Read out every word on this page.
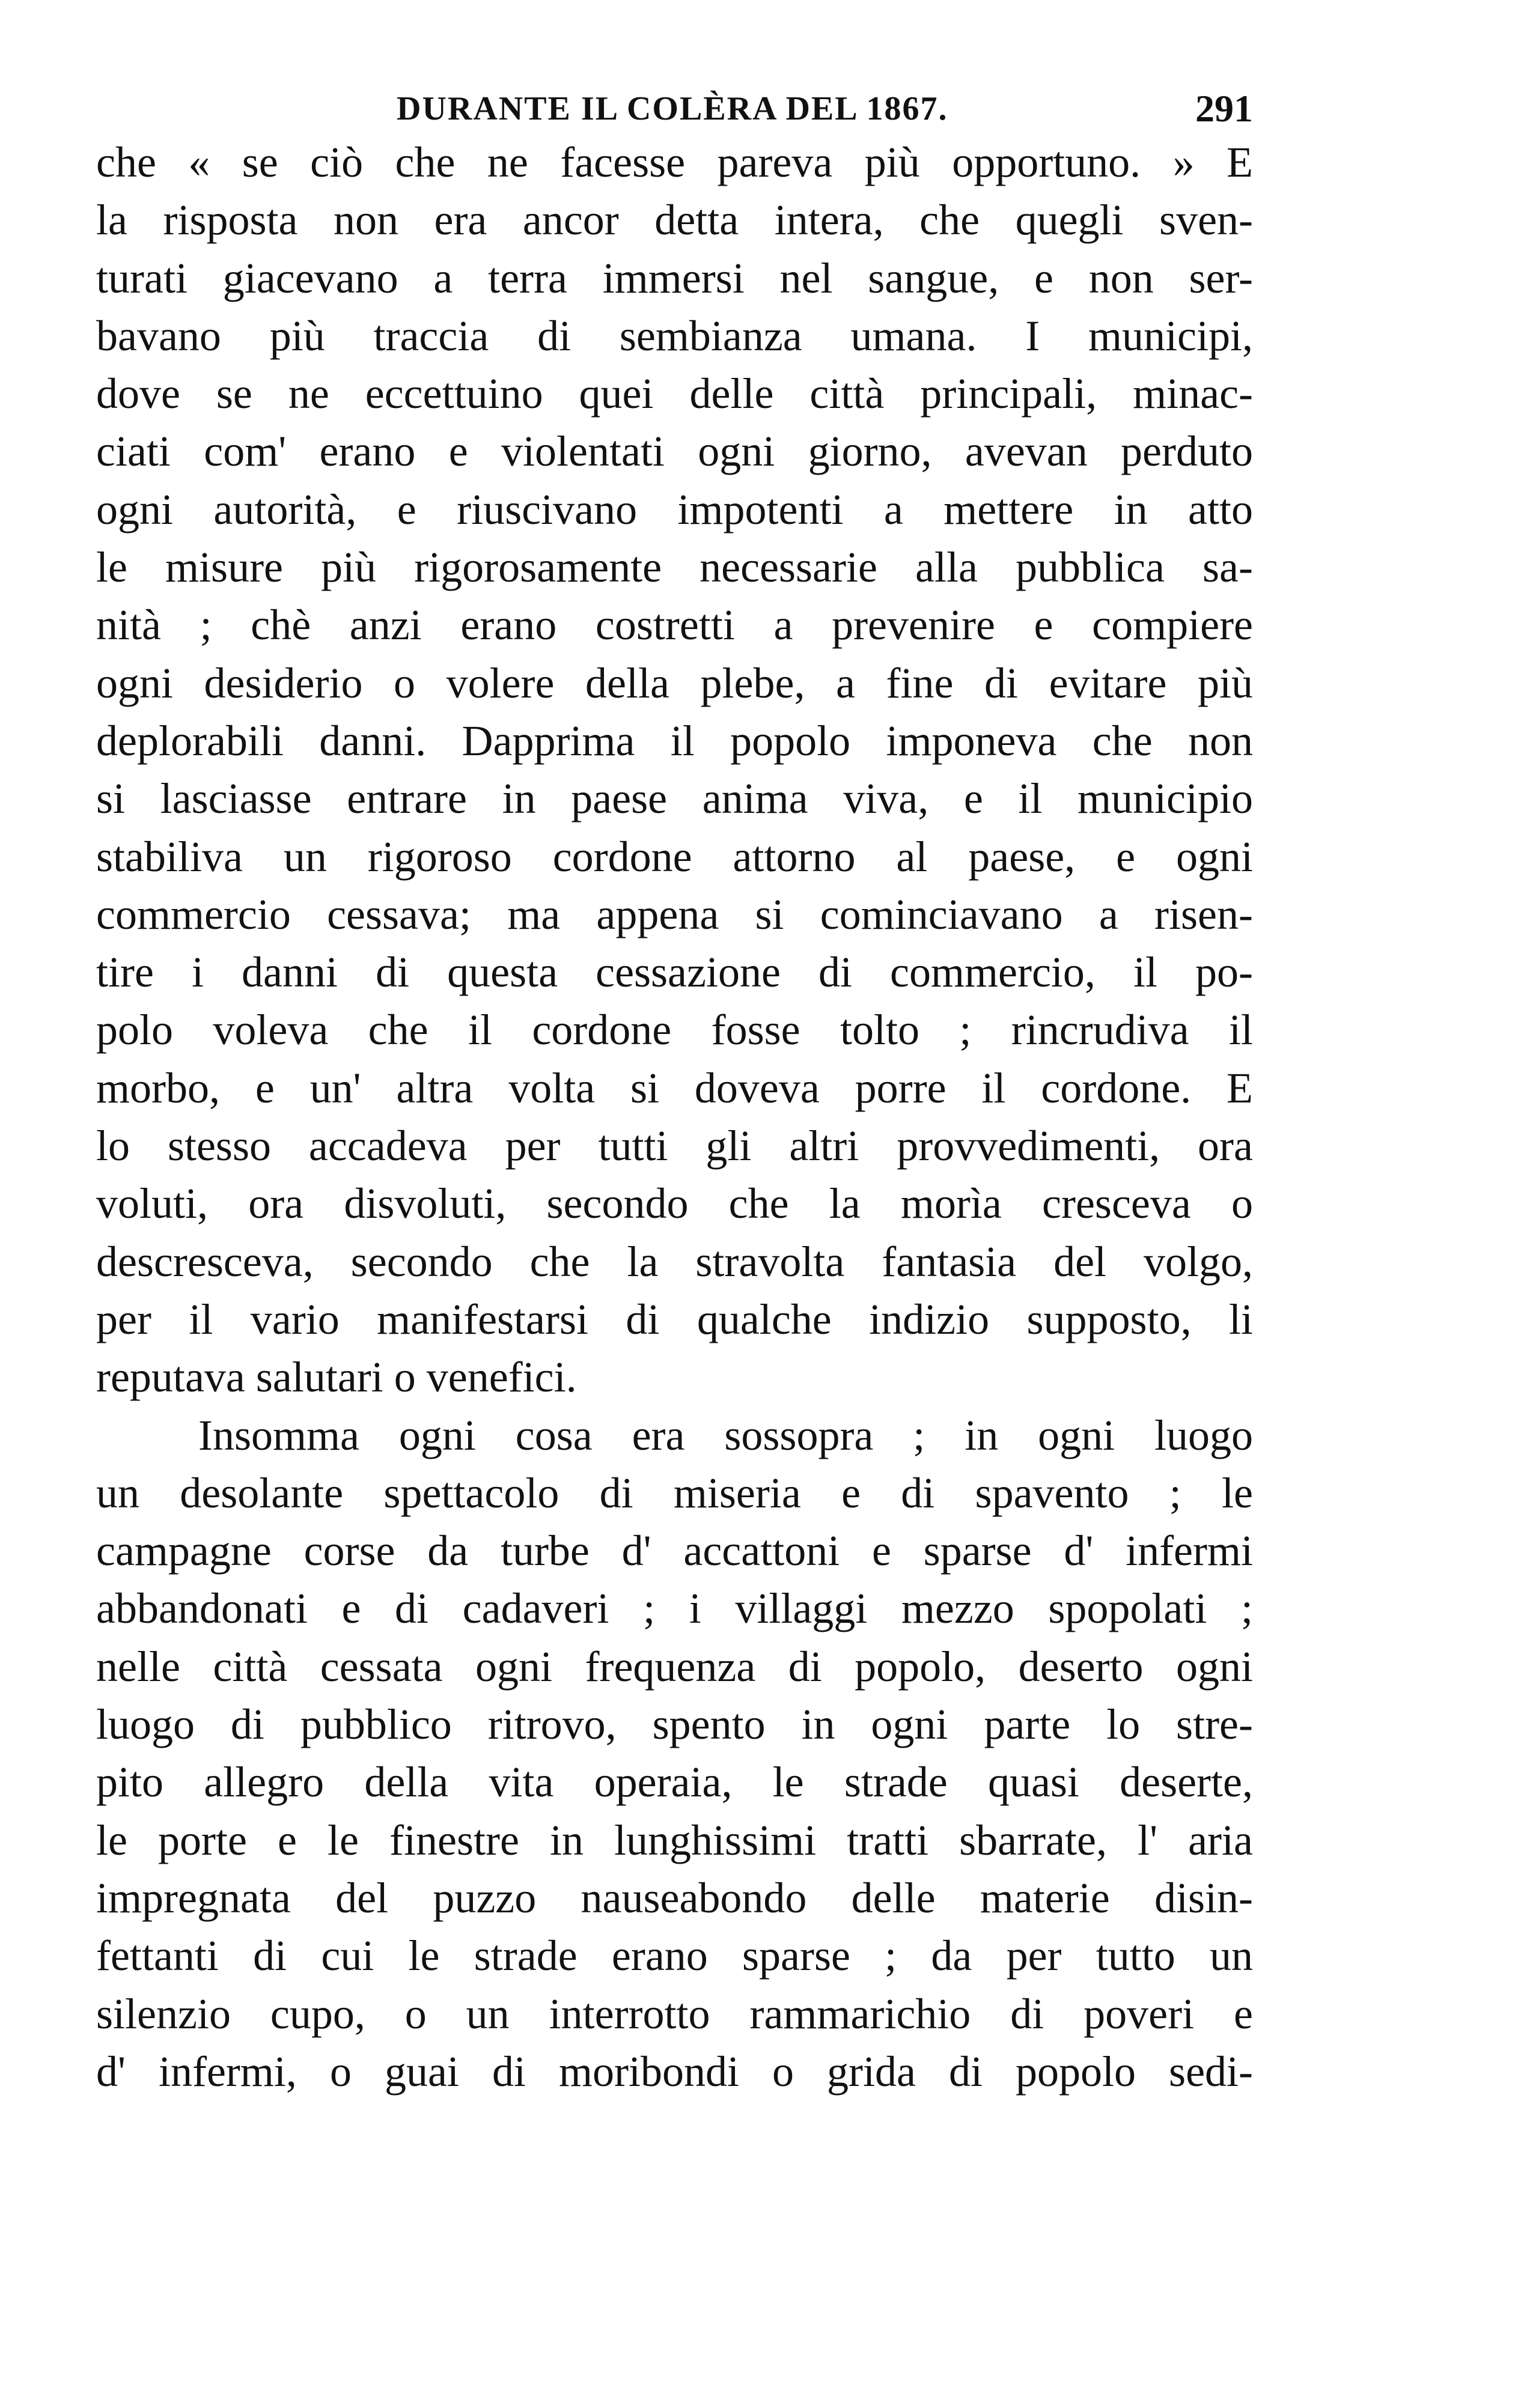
DURANTE IL COLÈRA DEL 1867.	291
che « se ciò che ne facesse pareva più opportuno. » E
la risposta non era ancor detta intera, che quegli sven-
turati giacevano a terra immersi nel sangue, e non ser-
bavano più traccia di sembianza umana. I municipi,
dove se ne eccettuino quei delle città principali, minac-
ciati com' erano e violentati ogni giorno, avevan perduto
ogni autorità, e riuscivano impotenti a mettere in atto
le misure più rigorosamente necessarie alla pubblica sa-
nità ; chè anzi erano costretti a prevenire e compiere
ogni desiderio o volere della plebe, a fine di evitare più
deplorabili danni. Dapprima il popolo imponeva che non
si lasciasse entrare in paese anima viva, e il municipio
stabiliva un rigoroso cordone attorno al paese, e ogni
commercio cessava; ma appena si cominciavano a risen-
tire i danni di questa cessazione di commercio, il po-
polo voleva che il cordone fosse tolto ; rincrudiva il
morbo, e un' altra volta si doveva porre il cordone. E
lo stesso accadeva per tutti gli altri provvedimenti, ora
voluti, ora disvoluti, secondo che la morìa cresceva o
descresceva, secondo che la stravolta fantasia del volgo,
per il vario manifestarsi di qualche indizio supposto, li
reputava salutari o venefici.
Insomma ogni cosa era sossopra ; in ogni luogo
un desolante spettacolo di miseria e di spavento ; le
campagne corse da turbe d' accattoni e sparse d' infermi
abbandonati e di cadaveri ; i villaggi mezzo spopolati ;
nelle città cessata ogni frequenza di popolo, deserto ogni
luogo di pubblico ritrovo, spento in ogni parte lo stre-
pito allegro della vita operaia, le strade quasi deserte,
le porte e le finestre in lunghissimi tratti sbarrate, l' aria
impregnata del puzzo nauseabondo delle materie disin-
fettanti di cui le strade erano sparse ; da per tutto un
silenzio cupo, o un interrotto rammarichio di poveri e
d' infermi, o guai di moribondi o grida di popolo sedi-
